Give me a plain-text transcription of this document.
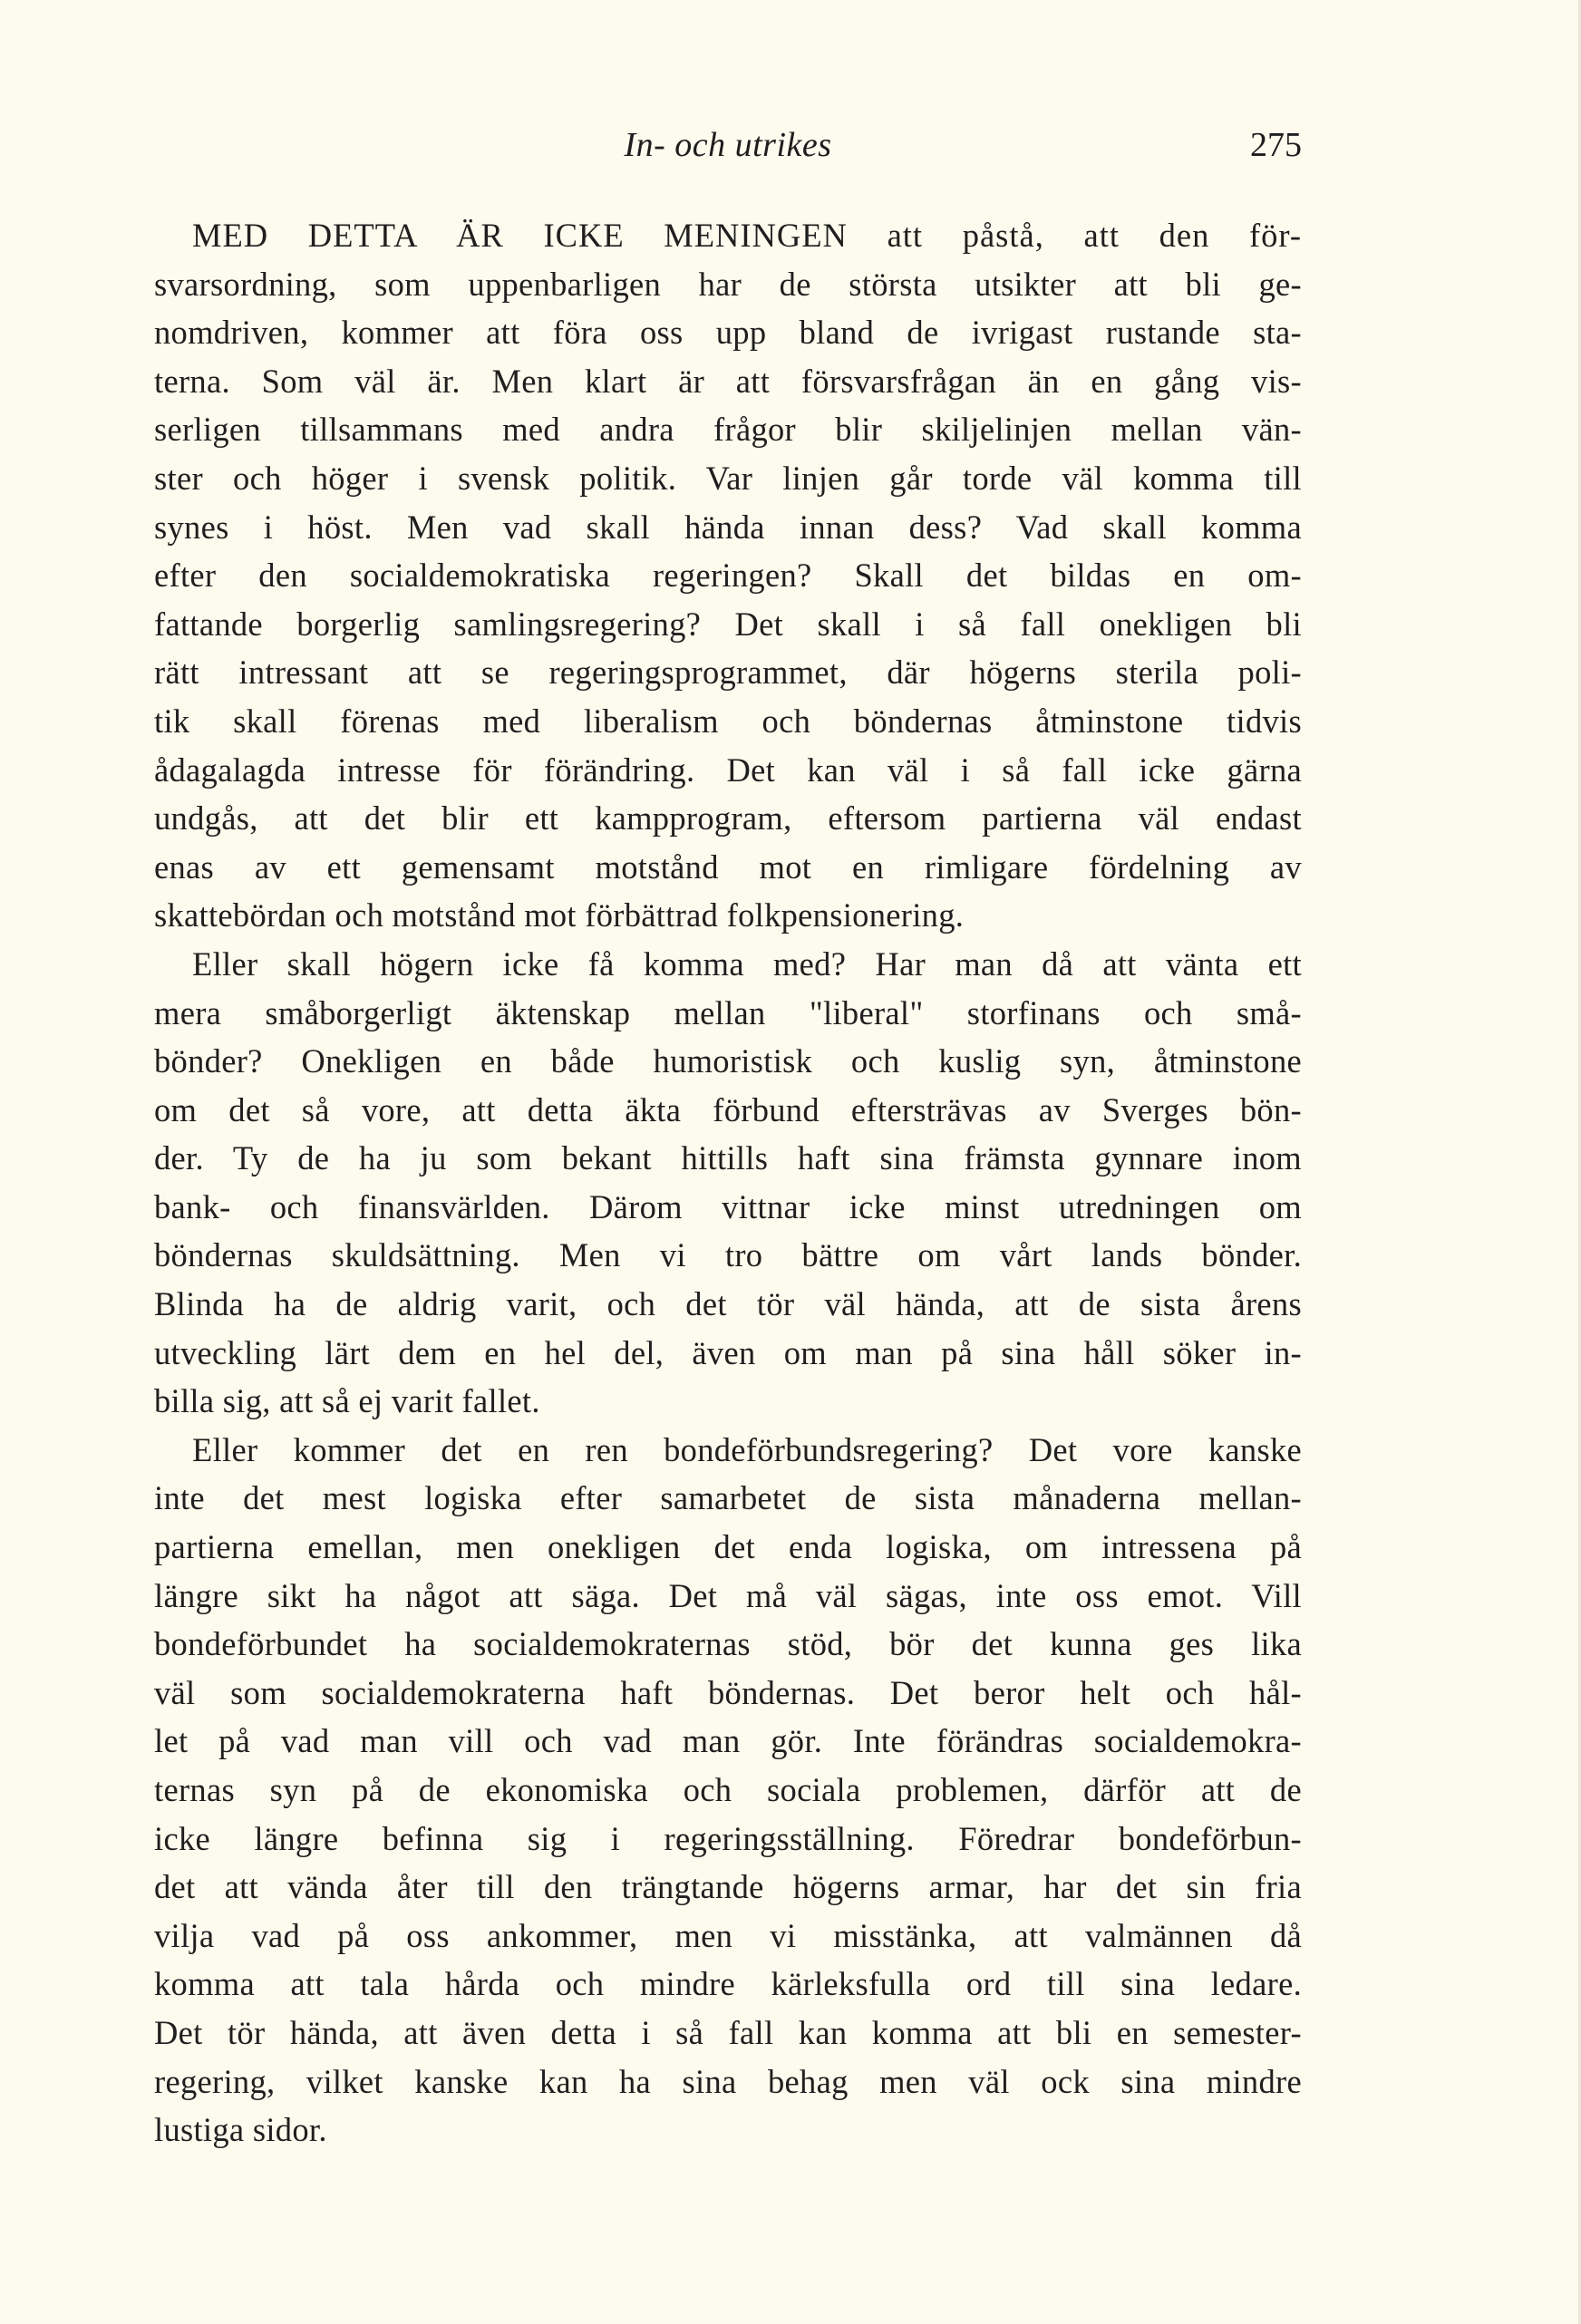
In- och utrikes	275
MED DETTA ÄR ICKE MENINGEN att påstå, att den för-
svarsordning, som uppenbarligen har de största utsikter att bli ge-
nomdriven, kommer att föra oss upp bland de ivrigast rustande sta-
terna. Som väl är. Men klart är att försvarsfrågan än en gång vis-
serligen tillsammans med andra frågor blir skiljelinjen mellan vän-
ster och höger i svensk politik. Var linjen går torde väl komma till
synes i höst. Men vad skall hända innan dess? Vad skall komma
efter den socialdemokratiska regeringen? Skall det bildas en om-
fattande borgerlig samlingsregering? Det skall i så fall onekligen bli
rätt intressant att se regeringsprogrammet, där högerns sterila poli-
tik skall förenas med liberalism och böndernas åtminstone tidvis
ådagalagda intresse för förändring. Det kan väl i så fall icke gärna
undgås, att det blir ett kampprogram, eftersom partierna väl endast
enas av ett gemensamt motstånd mot en rimligare fördelning av
skattebördan och motstånd mot förbättrad folkpensionering.
Eller skall högern icke få komma med? Har man då att vänta ett
mera småborgerligt äktenskap mellan "liberal" storfinans och små-
bönder? Onekligen en både humoristisk och kuslig syn, åtminstone
om det så vore, att detta äkta förbund eftersträvas av Sverges bön-
der. Ty de ha ju som bekant hittills haft sina främsta gynnare inom
bank- och finansvärlden. Därom vittnar icke minst utredningen om
böndernas skuldsättning. Men vi tro bättre om vårt lands bönder.
Blinda ha de aldrig varit, och det tör väl hända, att de sista årens
utveckling lärt dem en hel del, även om man på sina håll söker in-
billa sig, att så ej varit fallet.
Eller kommer det en ren bondeförbundsregering? Det vore kanske
inte det mest logiska efter samarbetet de sista månaderna mellan-
partierna emellan, men onekligen det enda logiska, om intressena på
längre sikt ha något att säga. Det må väl sägas, inte oss emot. Vill
bondeförbundet ha socialdemokraternas stöd, bör det kunna ges lika
väl som socialdemokraterna haft böndernas. Det beror helt och hål-
let på vad man vill och vad man gör. Inte förändras socialdemokra-
ternas syn på de ekonomiska och sociala problemen, därför att de
icke längre befinna sig i regeringsställning. Föredrar bondeförbun-
det att vända åter till den trängtande högerns armar, har det sin fria
vilja vad på oss ankommer, men vi misstänka, att valmännen då
komma att tala hårda och mindre kärleksfulla ord till sina ledare.
Det tör hända, att även detta i så fall kan komma att bli en semester-
regering, vilket kanske kan ha sina behag men väl ock sina mindre
lustiga sidor.
